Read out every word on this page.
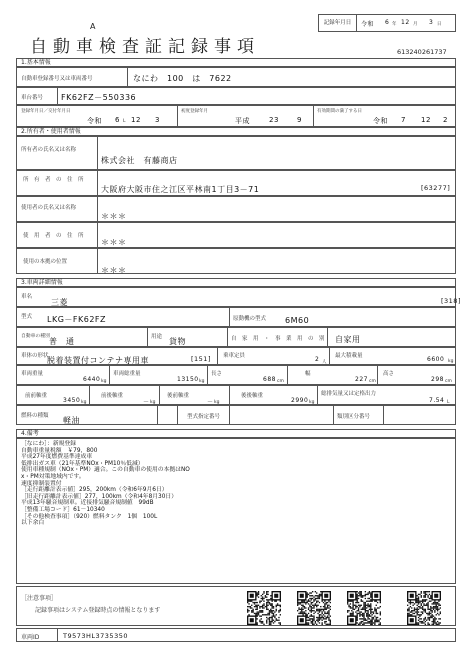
A
自動車検査証記録事項
記録年月日	令和 6 年 12 月 3 日
613240261737
1.基本情報
自動車登録番号又は車両番号	なにわ　100　は　7622
車台番号 FK62FZ－550336
登録年月日／交付年月日
令和 6 L 12 3
初度登録年月
平成	23	9
有効期間の満了する日
令和 7 12 2
2.所有者・使用者情報
所有者の氏名又は名称
株式会社　有藤商店
所　有　者　の　住　所
大阪府大阪市住之江区平林南1丁目3－71	[63277]
使用者の氏名又は名称
＊＊＊
使　用　者　の　住　所
＊＊＊
使用の本拠の位置
＊＊＊
3.車両詳細情報
車名
三菱	[318]
型式 LKG－FK62FZ	原動機の型式 6M60
自動車の種別
普　通	用途 貨物	自　家　用　・　事　業　用　の　別 自家用
車体の形状
脱着装置付コンテナ専用車	[151] 乗車定員	2 人
最大積載量	6600 kg
車両重量
6440 kg
車両総重量
13150 kg
長さ
688 cm
幅
227 cm
高さ
298 cm
前前軸重
3450 kg
前後軸重
－ kg
後前軸重
－ kg
後後軸重
2990 kg
総排気量又は定格出力
7.54 L
燃料の種類 軽油	型式指定番号	類別区分番号
4.備考
［なにわ］：新規登録
自動車重量税額　￥79，800
平成27年度燃費基準達成車
低排出ガス車（21年基準NOx・PM10％低減）
使用車種規制（NOx・PM）適合。この自動車の使用の本拠はNO
x・PM対策地域内です。
速度抑制装置付
［走行距離計表示値］295，200km（令和6年9月6日）
［旧走行距離計表示値］277，100km（令和4年8月30日）
平成13年騒音規制車。近接排気騒音規制値　99dB
［整備工場コード］61－10340
［その他検査事項］（920）燃料タンク　1個　100L
以下余白
［注意事項］
記録事項はシステム登録時点の情報となります
車両ID	T9573HL3735350
